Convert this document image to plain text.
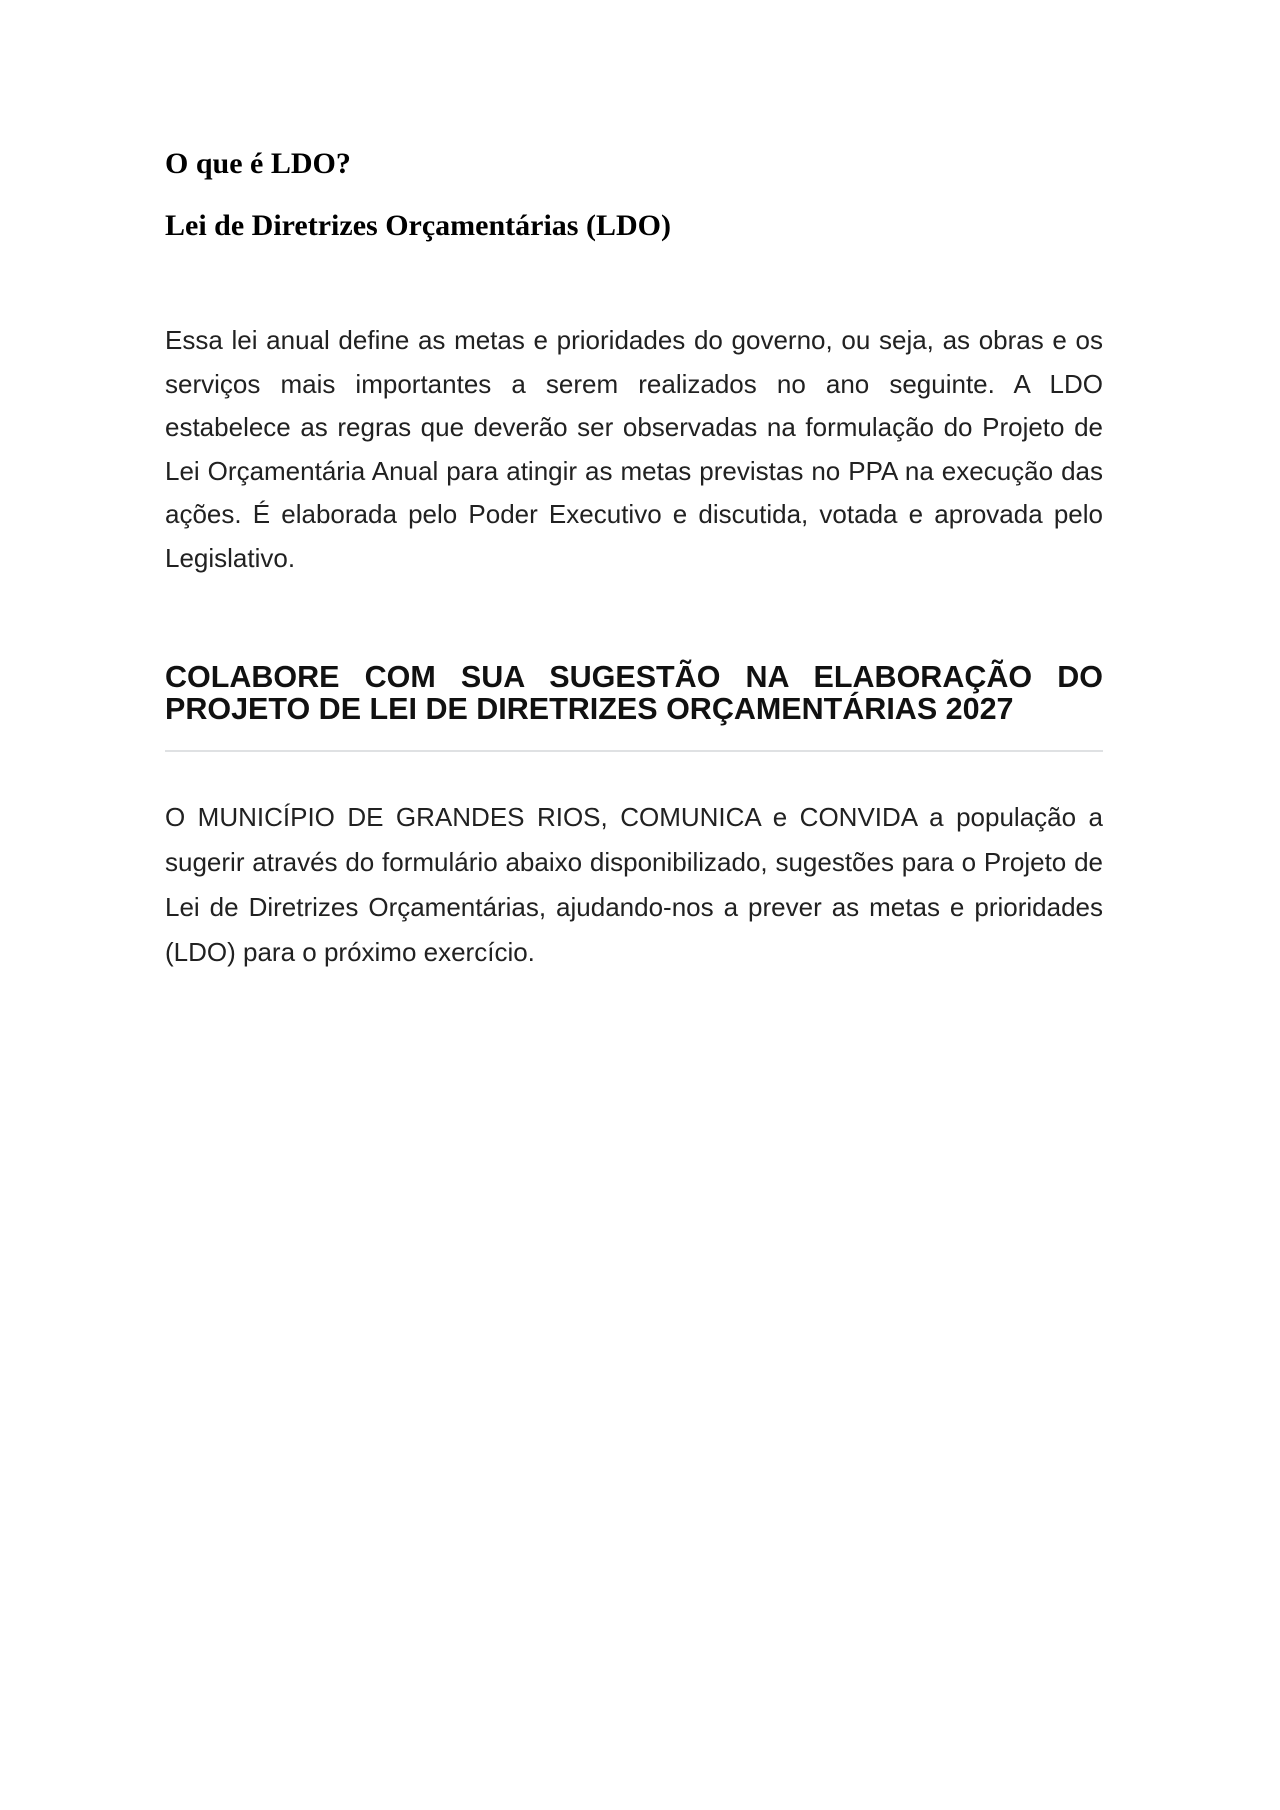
O que é LDO?
Lei de Diretrizes Orçamentárias (LDO)
Essa lei anual define as metas e prioridades do governo, ou seja, as obras e os
serviços mais importantes a serem realizados no ano seguinte. A LDO
estabelece as regras que deverão ser observadas na formulação do Projeto de
Lei Orçamentária Anual para atingir as metas previstas no PPA na execução das
ações. É elaborada pelo Poder Executivo e discutida, votada e aprovada pelo
Legislativo.
COLABORE COM SUA SUGESTÃO NA ELABORAÇÃO DO
PROJETO DE LEI DE DIRETRIZES ORÇAMENTÁRIAS 2027
O MUNICÍPIO DE GRANDES RIOS, COMUNICA e CONVIDA a população a
sugerir através do formulário abaixo disponibilizado, sugestões para o Projeto de
Lei de Diretrizes Orçamentárias, ajudando-nos a prever as metas e prioridades
(LDO) para o próximo exercício.
